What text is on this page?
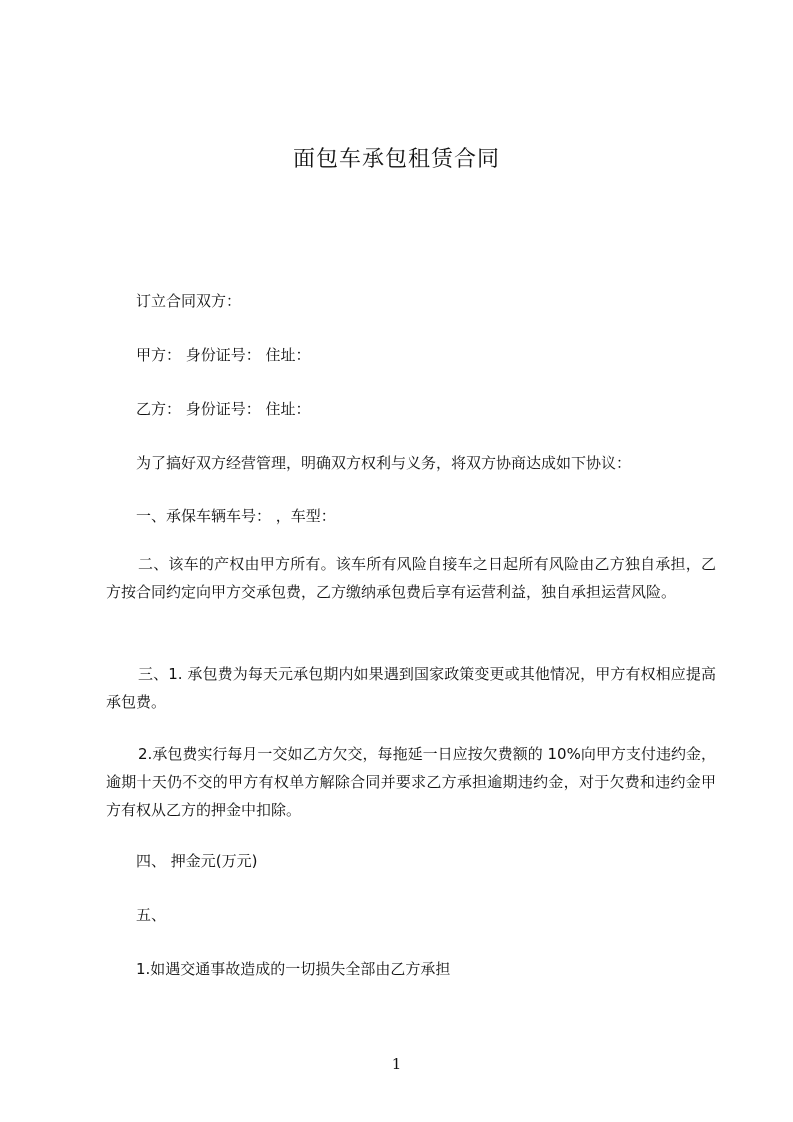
面包车承包租赁合同
订立合同双方：
甲方： 身份证号： 住址：
乙方： 身份证号： 住址：
为了搞好双方经营管理，明确双方权利与义务，将双方协商达成如下协议：
一、承保车辆车号： ，车型：
二、该车的产权由甲方所有。该车所有风险自接车之日起所有风险由乙方独自承担，乙方按合同约定向甲方交承包费，乙方缴纳承包费后享有运营利益，独自承担运营风险。
三、1. 承包费为每天元承包期内如果遇到国家政策变更或其他情况，甲方有权相应提高承包费。
2.承包费实行每月一交如乙方欠交，每拖延一日应按欠费额的 10%向甲方支付违约金，逾期十天仍不交的甲方有权单方解除合同并要求乙方承担逾期违约金，对于欠费和违约金甲方有权从乙方的押金中扣除。
四、 押金元(万元)
五、
1.如遇交通事故造成的一切损失全部由乙方承担
1
